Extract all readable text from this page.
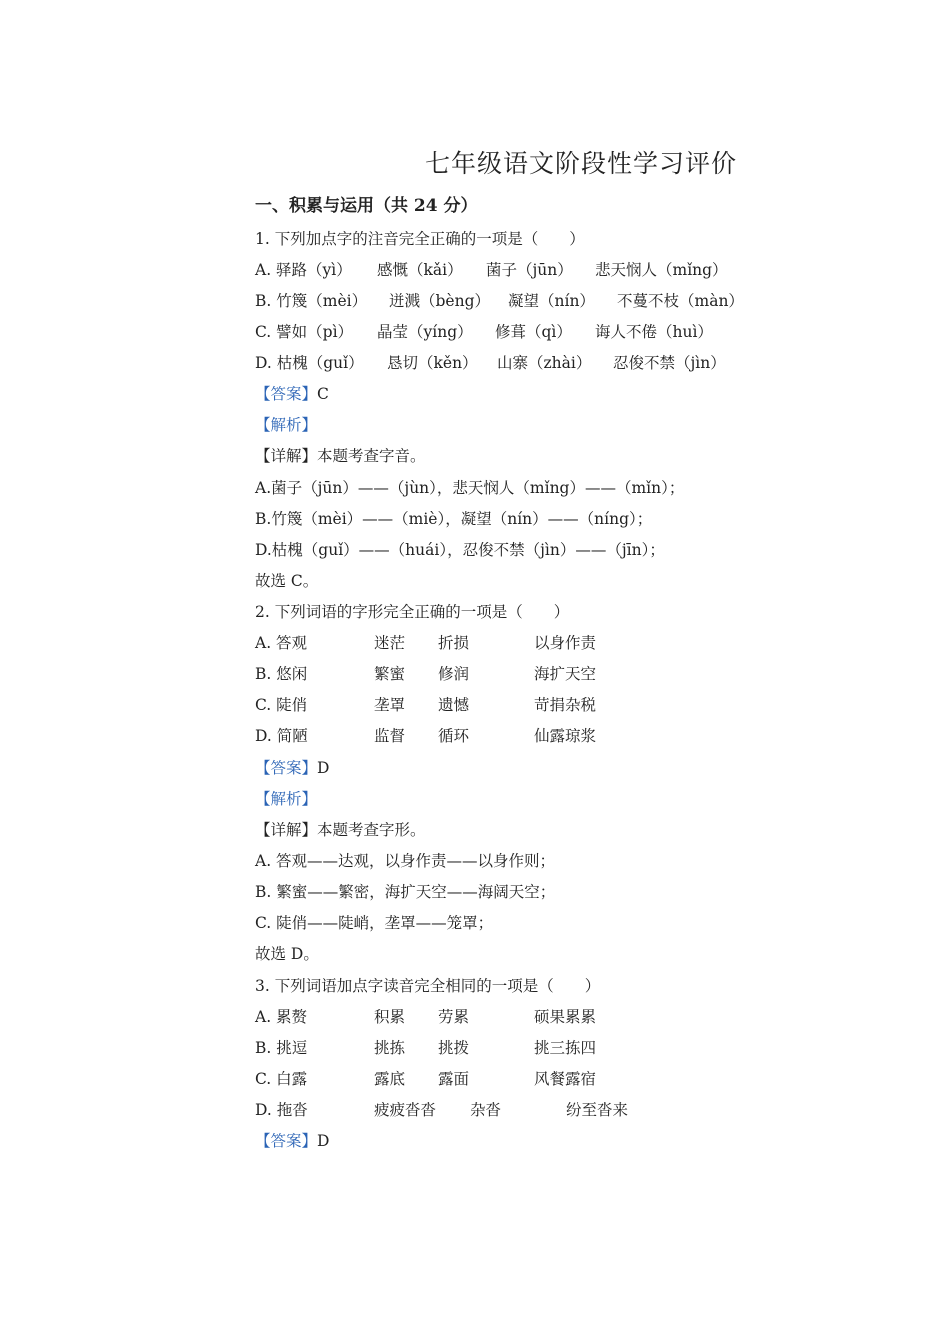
七年级语文阶段性学习评价
一、积累与运用（共 24 分）
1. 下列加点字的注音完全正确的一项是（　　）
A. 驿路（yì） 感慨（kǎi） 菌子（jūn） 悲天悯人（mǐng）
B. 竹篾（mèi） 迸溅（bèng） 凝望（nín） 不蔓不枝（màn）
C. 譬如（pì） 晶莹（yíng） 修葺（qì） 诲人不倦（huì）
D. 枯槐（guǐ） 恳切（kěn） 山寨（zhài） 忍俊不禁（jìn）
【答案】C
【解析】
【详解】本题考查字音。
A.菌子（jūn）——（jùn），悲天悯人（mǐng）——（mǐn）；
B.竹篾（mèi）——（miè），凝望（nín）——（níng）；
D.枯槐（guǐ）——（huái），忍俊不禁（jìn）——（jīn）；
故选 C。
2. 下列词语的字形完全正确的一项是（　　）
A. 答观	迷茫 折损	以身作责
B. 悠闲	繁蜜 修润	海扩天空
C. 陡俏	垄罩 遗憾	苛捐杂税
D. 简陋	监督 循环	仙露琼浆
【答案】D
【解析】
【详解】本题考查字形。
A. 答观——达观，以身作责——以身作则；
B. 繁蜜——繁密，海扩天空——海阔天空；
C. 陡俏——陡峭，垄罩——笼罩；
故选 D。
3. 下列词语加点字读音完全相同的一项是（　　）
A. 累赘	积累 劳累	硕果累累
B. 挑逗	挑拣 挑拨	挑三拣四
C. 白露	露底 露面	风餐露宿
D. 拖沓	疲疲沓沓 杂沓	纷至沓来
【答案】D
